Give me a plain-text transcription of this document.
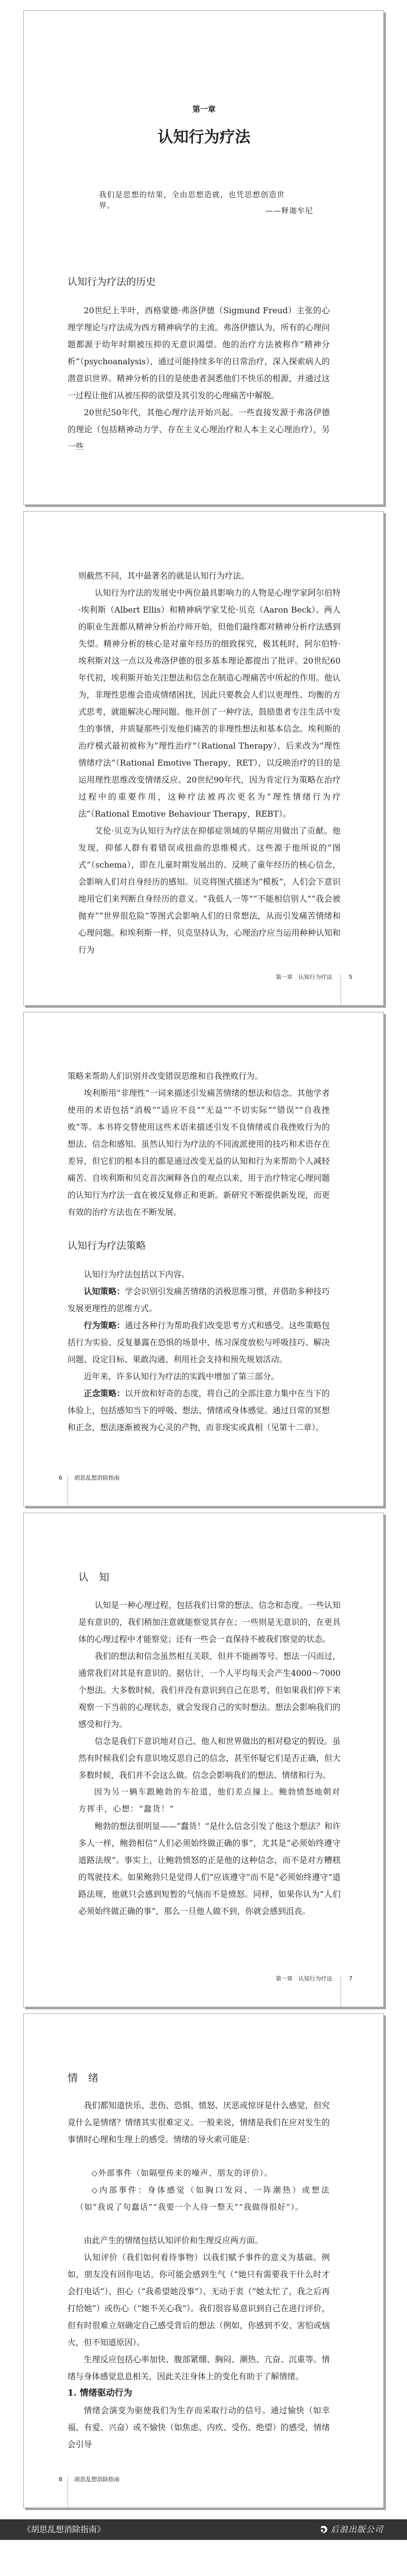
第一章
认知行为疗法
我们是思想的结果，全由思想造就，也凭思想创造世界。
——释迦牟尼
认知行为疗法的历史

20世纪上半叶，西格蒙德·弗洛伊德（Sigmund Freud）主张的心理学理论与疗法成为西方精神病学的主流。弗洛伊德认为，所有的心理问题都源于幼年时期被压抑的无意识渴望。他的治疗方法被称作“精神分析”（psychoanalysis），通过可能持续多年的日常治疗，深入探索病人的潜意识世界。精神分析的目的是使患者洞悉他们不快乐的根源，并通过这一过程让他们从被压抑的欲望及其引发的心理痛苦中解脱。

20世纪50年代，其他心理疗法开始兴起。一些直接发源于弗洛伊德的理论（包括精神动力学、存在主义心理治疗和人本主义心理治疗），另一些

则截然不同，其中最著名的就是认知行为疗法。

认知行为疗法的发展史中两位最具影响力的人物是心理学家阿尔伯特·埃利斯（Albert Ellis）和精神病学家艾伦·贝克（Aaron Beck）。两人的职业生涯都从精神分析治疗师开始，但他们最终都对精神分析疗法感到失望。精神分析的核心是对童年经历的细致探究，极其耗时，阿尔伯特·埃利斯对这一点以及弗洛伊德的很多基本理论都提出了批评。20世纪60年代初，埃利斯开始关注想法和信念在制造心理痛苦中所起的作用。他认为，非理性思维会造成情绪困扰，因此只要教会人们以更理性、均衡的方式思考，就能解决心理问题。他开创了一种疗法，鼓励患者专注生活中发生的事情，并质疑那些引发他们痛苦的非理性想法和基本信念。埃利斯的治疗模式最初被称为“理性治疗”（Rational Therapy），后来改为“理性情绪疗法”（Rational Emotive Therapy，RET），以反映治疗的目的是运用理性思维改变情绪反应。20世纪90年代，因为肯定行为策略在治疗过程中的重要作用，这种疗法被再次更名为“理性情绪行为疗法”（Rational Emotive Behaviour Therapy，REBT）。

艾伦·贝克为认知行为疗法在抑郁症领域的早期应用做出了贡献。他发现，抑郁人群有着错误或扭曲的思维模式。这些源于他所说的“图式”（schema），即在儿童时期发展出的、反映了童年经历的核心信念，会影响人们对自身经历的感知。贝克将图式描述为“模板”，人们会下意识地用它们来判断自身经历的意义。“我低人一等”“不能相信别人”“我会被抛弃”“世界很危险”等图式会影响人们的日常想法，从而引发痛苦情绪和心理问题。和埃利斯一样，贝克坚持认为，心理治疗应当运用种种认知和行为

第一章　认知行为疗法	5

策略来帮助人们识别并改变错误思维和自我挫败行为。

埃利斯用“非理性”一词来描述引发痛苦情绪的想法和信念。其他学者使用的术语包括“消极”“适应不良”“无益”“不切实际”“错误”“自我挫败”等。本书将交替使用这些术语来描述引发不良情绪或自我挫败行为的想法、信念和感知。虽然认知行为疗法的不同流派使用的技巧和术语存在差异，但它们的根本目的都是通过改变无益的认知和行为来帮助个人减轻痛苦。自埃利斯和贝克首次阐释各自的观点以来，用于治疗特定心理问题的认知行为疗法一直在被反复修正和更新。新研究不断提供新发现，而更有效的治疗方法也在不断发展。

认知行为疗法策略

认知行为疗法包括以下内容。

认知策略：学会识别引发痛苦情绪的消极思维习惯，并借助多种技巧发展更理性的思维方式。

行为策略：通过各种行为帮助我们改变思考方式和感受。这些策略包括行为实验、反复暴露在恐惧的场景中、练习深度放松与呼吸技巧、解决问题、设定目标、果敢沟通、利用社会支持和预先规划活动。

近年来，许多认知行为疗法的实践中增加了第三部分。

正念策略：以开放和好奇的态度，将自己的全部注意力集中在当下的体验上，包括感知当下的呼吸、想法、情绪或身体感觉。通过日常的冥想和正念，想法逐渐被视为心灵的产物，而非现实或真相（见第十二章）。

6 胡思乱想消除指南
认　知

认知是一种心理过程，包括我们日常的想法、信念和态度。一些认知是有意识的，我们稍加注意就能察觉其存在；一些则是无意识的，在更具体的心理过程中才能察觉；还有一些会一直保持不被我们察觉的状态。

我们的想法和信念虽然相互关联，但并不能画等号。想法一闪而过，通常我们对其是有意识的。据估计，一个人平均每天会产生4000～7000个想法。大多数时候，我们并没有意识到自己在思考，但如果我们停下来观察一下当前的心理状态，就会发现自己的实时想法。想法会影响我们的感受和行为。

信念是我们下意识地对自己、他人和世界做出的相对稳定的假设。虽然有时候我们会有意识地反思自己的信念，甚至怀疑它们是否正确，但大多数时候，我们并不会这么做。信念会影响我们的想法、情绪和行为。

因为另一辆车跟鲍勃的车抢道，他们差点撞上。鲍勃愤怒地朝对方挥手，心想：“蠢货！”

鲍勃的想法很明显——“蠢货！”是什么信念引发了他这个想法？和许多人一样，鲍勃相信“人们必须始终做正确的事”，尤其是“必须始终遵守道路法规”。事实上，让鲍勃愤怒的正是他的这种信念，而不是对方糟糕的驾驶技术。如果鲍勃只是觉得人们“应该遵守”而不是“必须始终遵守”道路法规，他就只会感到短暂的气恼而不是愤怒。同样，如果你认为“人们必须始终做正确的事”，那么一旦他人做不到，你就会感到沮丧。

第一章　认知行为疗法	7
情　绪

我们都知道快乐、悲伤、恐惧、愤怒、厌恶或惊讶是什么感觉，但究竟什么是情绪？情绪其实很难定义。一般来说，情绪是我们在应对发生的事情时心理和生理上的感受。情绪的导火索可能是：

◇外部事件（如隔壁传来的噪声、朋友的评价）。

◇内部事件：身体感觉（如胸口发闷、一阵潮热）或想法（如“我说了句蠢话”“我要一个人待一整天”“我做得很好”）。

由此产生的情绪包括认知评价和生理反应两方面。

认知评价（我们如何看待事物）以我们赋予事件的意义为基础。例如，朋友没有回你电话，你可能会感到生气（“她只有需要我干什么时才会打电话”）、担心（“我希望她没事”）、无动于衷（“她太忙了，我之后再打给她”）或伤心（“她不关心我”）。我们很容易意识到自己在进行评价，但有时很难立刻确定自己感受背后的想法（例如，你感到不安、害怕或恼火，但不知道原因）。

生理反应包括心率加快、腹部紧绷、胸闷、潮热、亢奋、沉重等。情绪与身体感觉息息相关，因此关注身体上的变化有助于了解情绪。

1. 情绪驱动行为

情绪会演变为驱使我们为生存而采取行动的信号。通过愉快（如幸福、有爱、兴奋）或不愉快（如焦虑、内疚、受伤、绝望）的感受，情绪会引导

8 胡思乱想消除指南
《胡思乱想消除指南》	后浪出版公司
